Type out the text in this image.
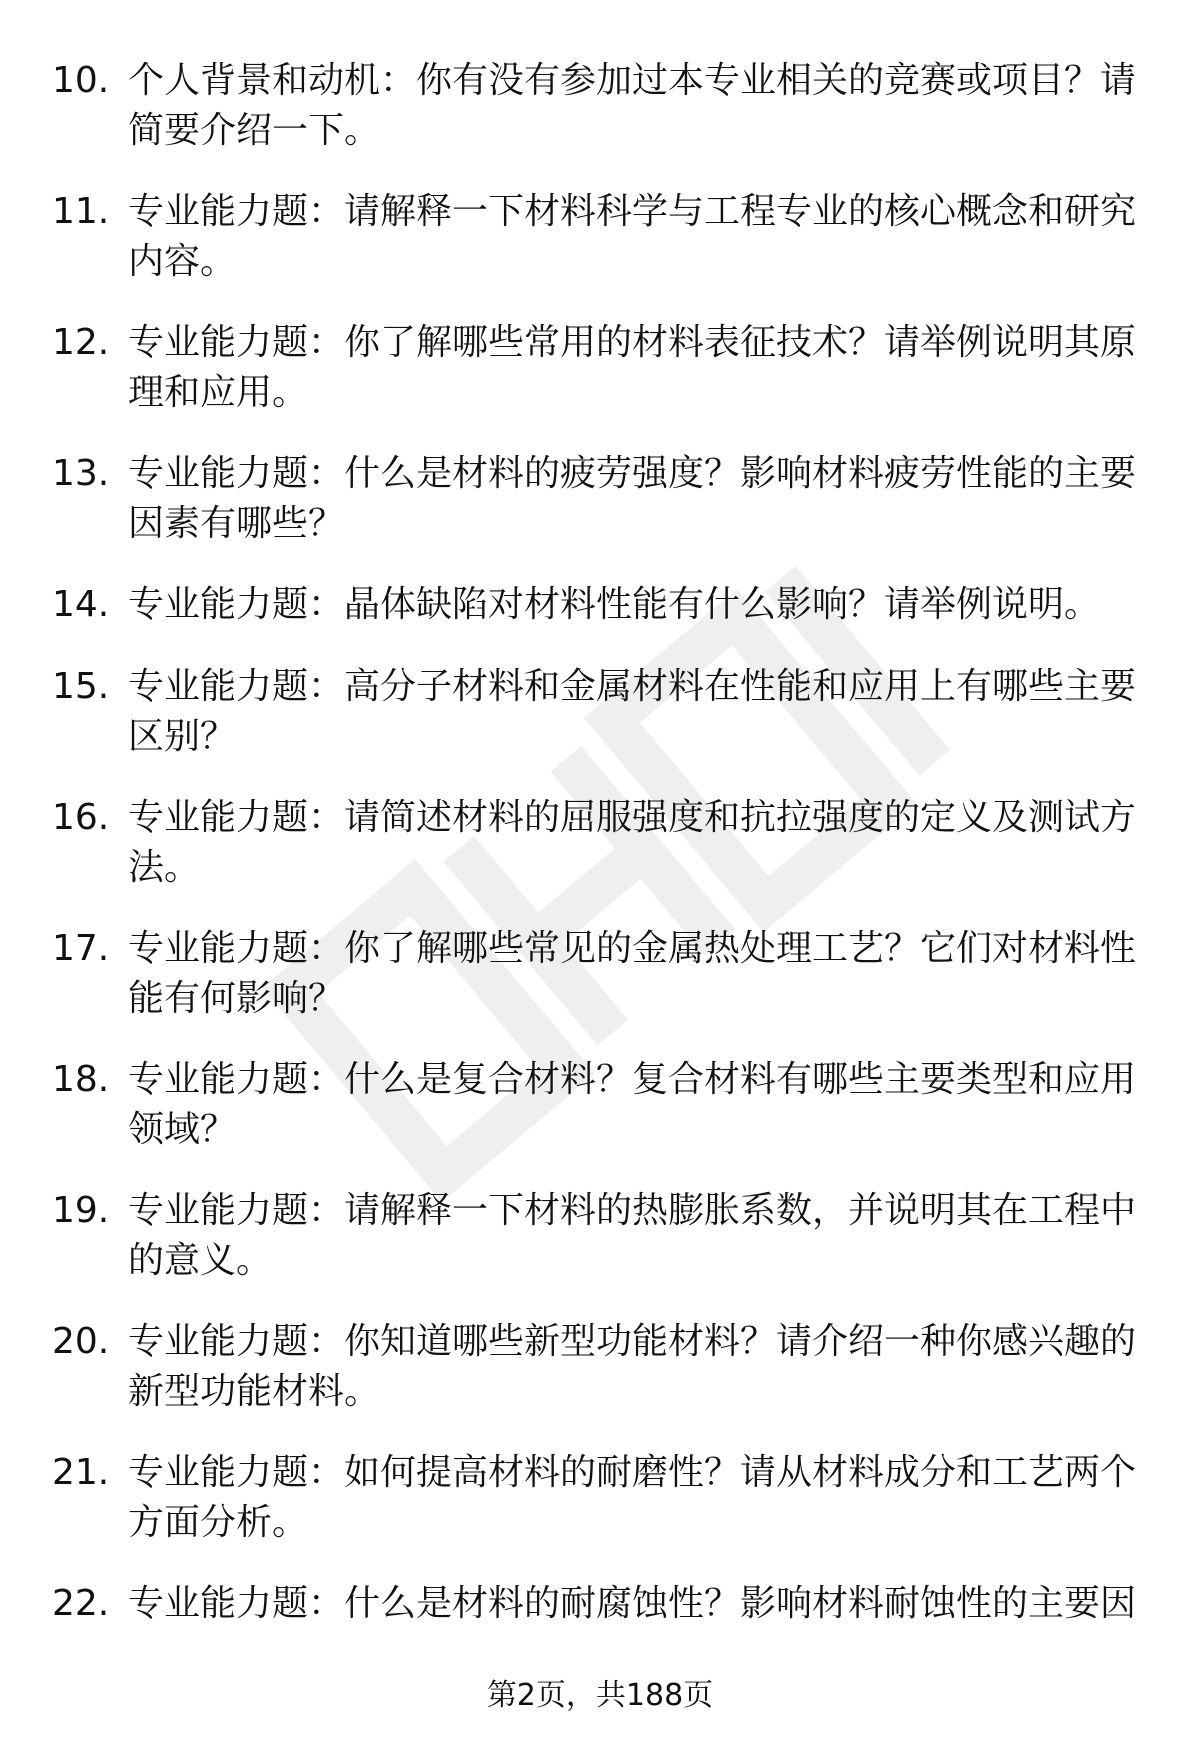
10. 个人背景和动机：你有没有参加过本专业相关的竞赛或项目？请简要介绍一下。
11. 专业能力题：请解释一下材料科学与工程专业的核心概念和研究内容。
12. 专业能力题：你了解哪些常用的材料表征技术？请举例说明其原理和应用。
13. 专业能力题：什么是材料的疲劳强度？影响材料疲劳性能的主要因素有哪些？
14. 专业能力题：晶体缺陷对材料性能有什么影响？请举例说明。
15. 专业能力题：高分子材料和金属材料在性能和应用上有哪些主要区别？
16. 专业能力题：请简述材料的屈服强度和抗拉强度的定义及测试方法。
17. 专业能力题：你了解哪些常见的金属热处理工艺？它们对材料性能有何影响？
18. 专业能力题：什么是复合材料？复合材料有哪些主要类型和应用领域？
19. 专业能力题：请解释一下材料的热膨胀系数，并说明其在工程中的意义。
20. 专业能力题：你知道哪些新型功能材料？请介绍一种你感兴趣的新型功能材料。
21. 专业能力题：如何提高材料的耐磨性？请从材料成分和工艺两个方面分析。
22. 专业能力题：什么是材料的耐腐蚀性？影响材料耐蚀性的主要因
第2页，共188页
